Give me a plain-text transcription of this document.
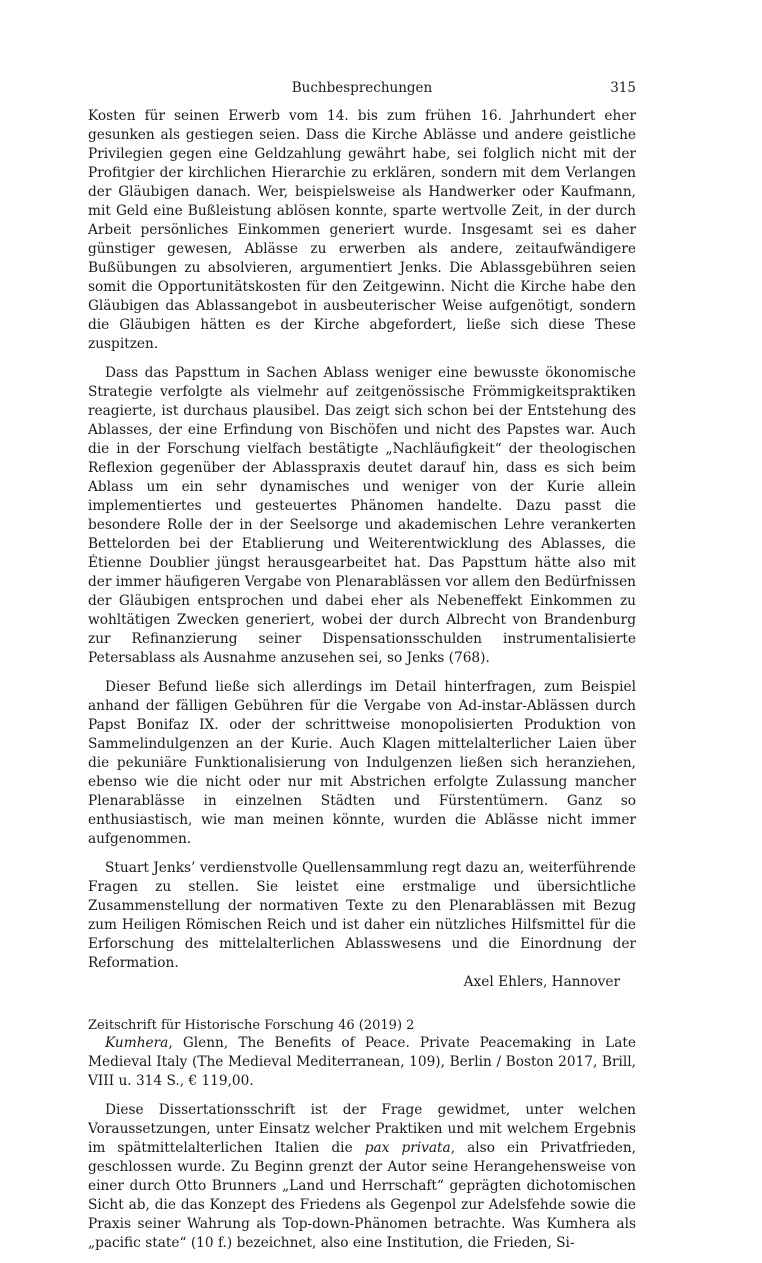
Buchbesprechungen	315

Kosten für seinen Erwerb vom 14. bis zum frühen 16. Jahrhundert eher gesunken als gestiegen seien. Dass die Kirche Ablässe und andere geistliche Privilegien gegen eine Geldzahlung gewährt habe, sei folglich nicht mit der Profitgier der kirchlichen Hierarchie zu erklären, sondern mit dem Verlangen der Gläubigen danach. Wer, beispielsweise als Handwerker oder Kaufmann, mit Geld eine Bußleistung ablösen konnte, sparte wertvolle Zeit, in der durch Arbeit persönliches Einkommen generiert wurde. Insgesamt sei es daher günstiger gewesen, Ablässe zu erwerben als andere, zeitaufwändigere Bußübungen zu absolvieren, argumentiert Jenks. Die Ablassgebühren seien somit die Opportunitätskosten für den Zeitgewinn. Nicht die Kirche habe den Gläubigen das Ablassangebot in ausbeuterischer Weise aufgenötigt, sondern die Gläubigen hätten es der Kirche abgefordert, ließe sich diese These zuspitzen.

Dass das Papsttum in Sachen Ablass weniger eine bewusste ökonomische Strategie verfolgte als vielmehr auf zeitgenössische Frömmigkeitspraktiken reagierte, ist durchaus plausibel. Das zeigt sich schon bei der Entstehung des Ablasses, der eine Erfindung von Bischöfen und nicht des Papstes war. Auch die in der Forschung vielfach bestätigte „Nachläufigkeit“ der theologischen Reflexion gegenüber der Ablasspraxis deutet darauf hin, dass es sich beim Ablass um ein sehr dynamisches und weniger von der Kurie allein implementiertes und gesteuertes Phänomen handelte. Dazu passt die besondere Rolle der in der Seelsorge und akademischen Lehre verankerten Bettelorden bei der Etablierung und Weiterentwicklung des Ablasses, die Étienne Doublier jüngst herausgearbeitet hat. Das Papsttum hätte also mit der immer häufigeren Vergabe von Plenarablässen vor allem den Bedürfnissen der Gläubigen entsprochen und dabei eher als Nebeneffekt Einkommen zu wohltätigen Zwecken generiert, wobei der durch Albrecht von Brandenburg zur Refinanzierung seiner Dispensationsschulden instrumentalisierte Petersablass als Ausnahme anzusehen sei, so Jenks (768).

Dieser Befund ließe sich allerdings im Detail hinterfragen, zum Beispiel anhand der fälligen Gebühren für die Vergabe von Ad-instar-Ablässen durch Papst Bonifaz IX. oder der schrittweise monopolisierten Produktion von Sammelindulgenzen an der Kurie. Auch Klagen mittelalterlicher Laien über die pekuniäre Funktionalisierung von Indulgenzen ließen sich heranziehen, ebenso wie die nicht oder nur mit Abstrichen erfolgte Zulassung mancher Plenarablässe in einzelnen Städten und Fürstentümern. Ganz so enthusiastisch, wie man meinen könnte, wurden die Ablässe nicht immer aufgenommen.

Stuart Jenks’ verdienstvolle Quellensammlung regt dazu an, weiterführende Fragen zu stellen. Sie leistet eine erstmalige und übersichtliche Zusammenstellung der normativen Texte zu den Plenarablässen mit Bezug zum Heiligen Römischen Reich und ist daher ein nützliches Hilfsmittel für die Erforschung des mittelalterlichen Ablasswesens und die Einordnung der Reformation.

Axel Ehlers, Hannover

Kumhera, Glenn, The Benefits of Peace. Private Peacemaking in Late Medieval Italy (The Medieval Mediterranean, 109), Berlin / Boston 2017, Brill, VIII u. 314 S., € 119,00.

Diese Dissertationsschrift ist der Frage gewidmet, unter welchen Voraussetzungen, unter Einsatz welcher Praktiken und mit welchem Ergebnis im spätmittelalterlichen Italien die pax privata, also ein Privatfrieden, geschlossen wurde. Zu Beginn grenzt der Autor seine Herangehensweise von einer durch Otto Brunners „Land und Herrschaft“ geprägten dichotomischen Sicht ab, die das Konzept des Friedens als Gegenpol zur Adelsfehde sowie die Praxis seiner Wahrung als Top-down-Phänomen betrachte. Was Kumhera als „pacific state“ (10 f.) bezeichnet, also eine Institution, die Frieden, Si-

Zeitschrift für Historische Forschung 46 (2019) 2
